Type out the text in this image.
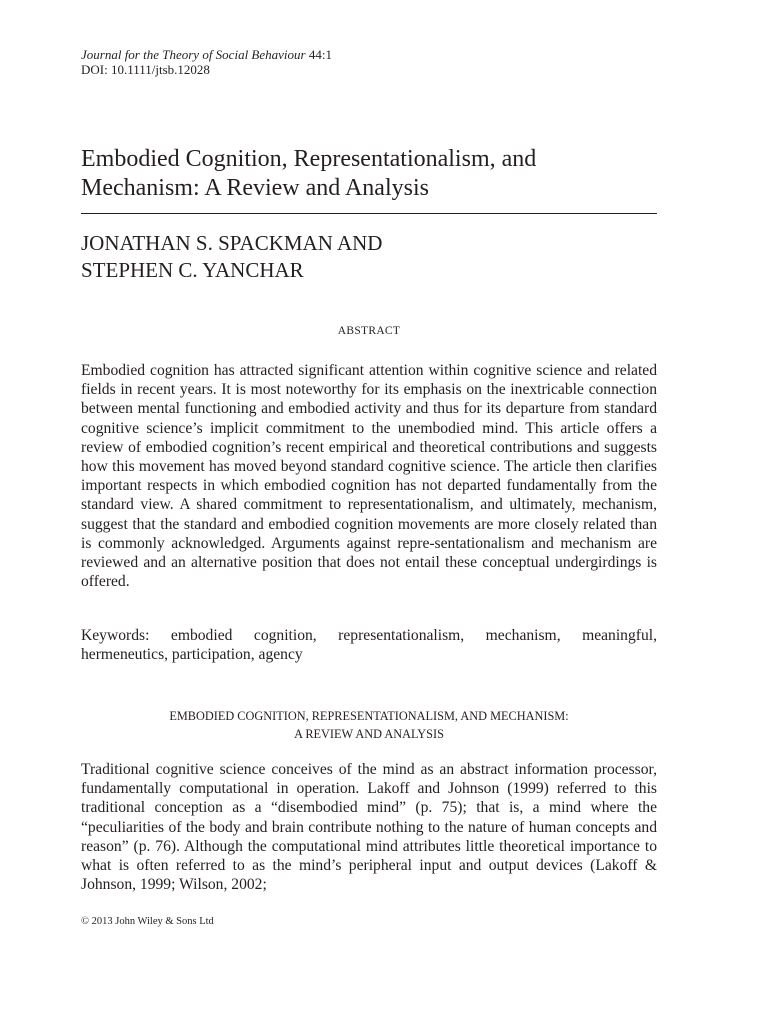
Journal for the Theory of Social Behaviour 44:1
DOI: 10.1111/jtsb.12028
Embodied Cognition, Representationalism, and
Mechanism: A Review and Analysis
JONATHAN S. SPACKMAN AND
STEPHEN C. YANCHAR
ABSTRACT

Embodied cognition has attracted significant attention within cognitive science and related fields in recent years. It is most noteworthy for its emphasis on the inextricable connection between mental functioning and embodied activity and thus for its departure from standard cognitive science’s implicit commitment to the unembodied mind. This article offers a review of embodied cognition’s recent empirical and theoretical contributions and suggests how this movement has moved beyond standard cognitive science. The article then clarifies important respects in which embodied cognition has not departed fundamentally from the standard view. A shared commitment to representationalism, and ultimately, mechanism, suggest that the standard and embodied cognition movements are more closely related than is commonly acknowledged. Arguments against repre-sentationalism and mechanism are reviewed and an alternative position that does not entail these conceptual undergirdings is offered.

Keywords: embodied cognition, representationalism, mechanism, meaningful, hermeneutics, participation, agency

EMBODIED COGNITION, REPRESENTATIONALISM, AND MECHANISM:
A REVIEW AND ANALYSIS

Traditional cognitive science conceives of the mind as an abstract information processor, fundamentally computational in operation. Lakoff and Johnson (1999) referred to this traditional conception as a “disembodied mind” (p. 75); that is, a mind where the “peculiarities of the body and brain contribute nothing to the nature of human concepts and reason” (p. 76). Although the computational mind attributes little theoretical importance to what is often referred to as the mind’s peripheral input and output devices (Lakoff & Johnson, 1999; Wilson, 2002;

© 2013 John Wiley & Sons Ltd
